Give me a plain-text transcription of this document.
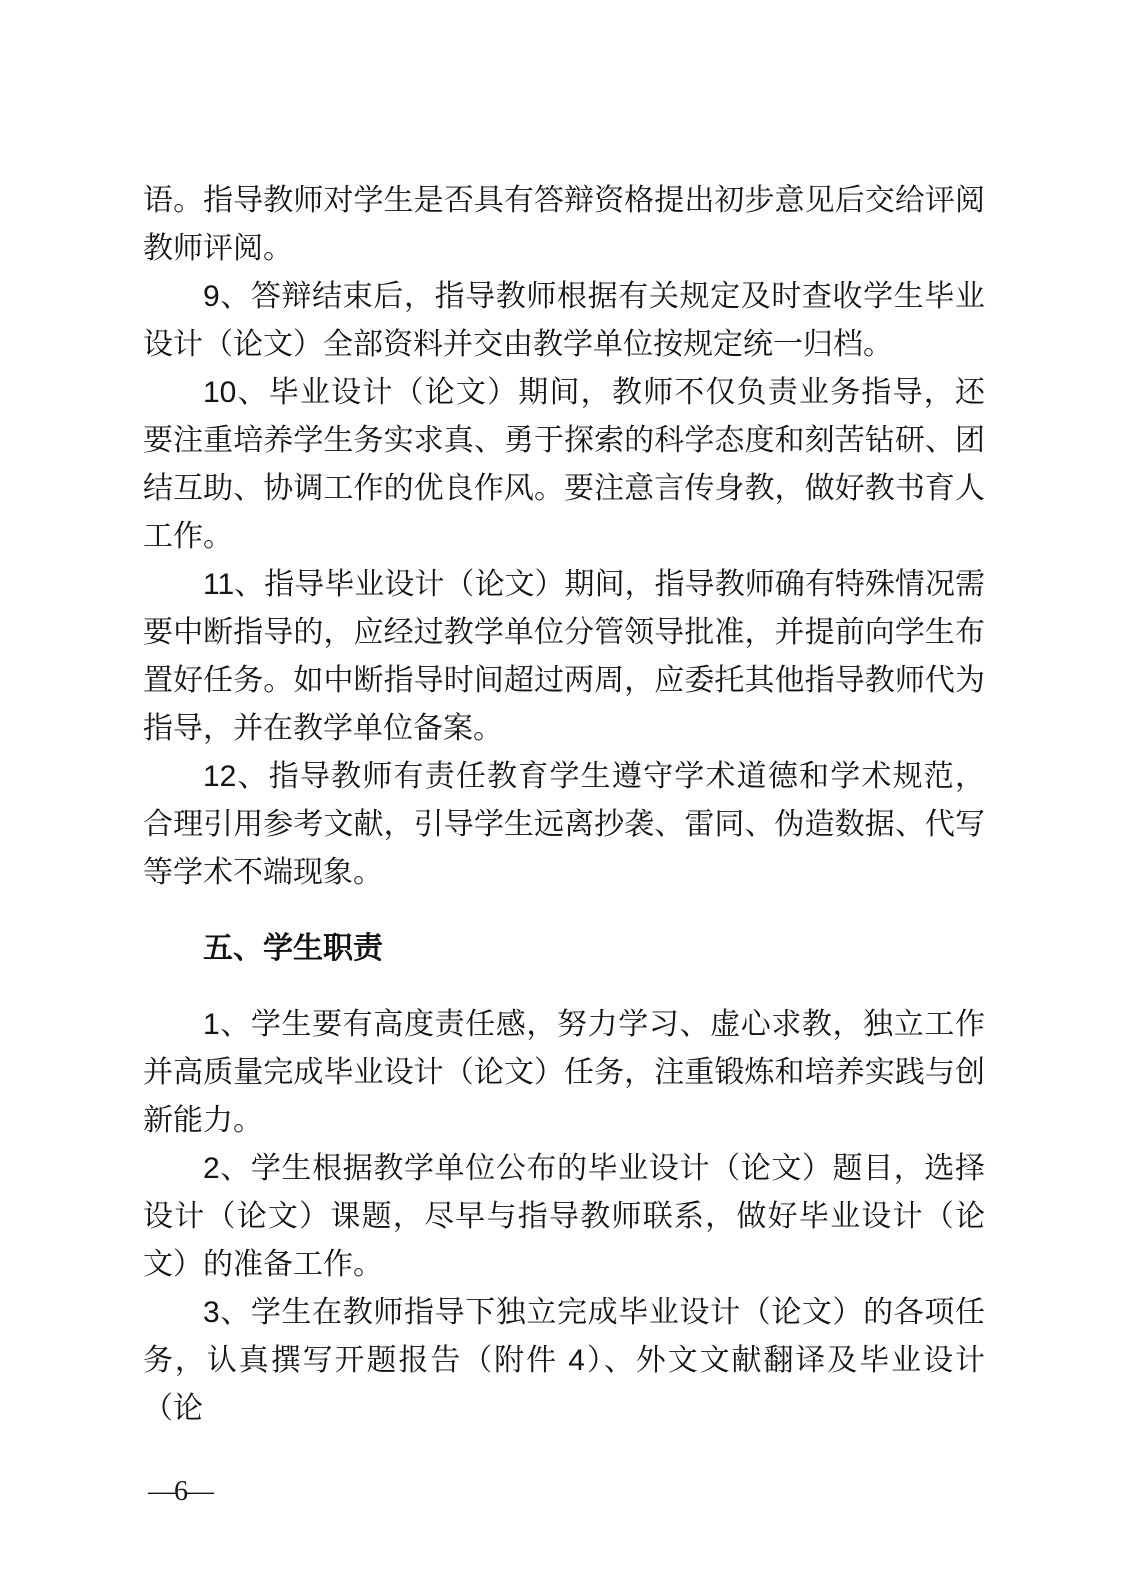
语。指导教师对学生是否具有答辩资格提出初步意见后交给评阅教师评阅。

9、答辩结束后，指导教师根据有关规定及时查收学生毕业设计（论文）全部资料并交由教学单位按规定统一归档。

10、毕业设计（论文）期间，教师不仅负责业务指导，还要注重培养学生务实求真、勇于探索的科学态度和刻苦钻研、团结互助、协调工作的优良作风。要注意言传身教，做好教书育人工作。

11、指导毕业设计（论文）期间，指导教师确有特殊情况需要中断指导的，应经过教学单位分管领导批准，并提前向学生布置好任务。如中断指导时间超过两周，应委托其他指导教师代为指导，并在教学单位备案。

12、指导教师有责任教育学生遵守学术道德和学术规范，合理引用参考文献，引导学生远离抄袭、雷同、伪造数据、代写等学术不端现象。

五、学生职责

1、学生要有高度责任感，努力学习、虚心求教，独立工作并高质量完成毕业设计（论文）任务，注重锻炼和培养实践与创新能力。

2、学生根据教学单位公布的毕业设计（论文）题目，选择设计（论文）课题，尽早与指导教师联系，做好毕业设计（论文）的准备工作。

3、学生在教师指导下独立完成毕业设计（论文）的各项任务，认真撰写开题报告（附件 4）、外文文献翻译及毕业设计（论

—6—
